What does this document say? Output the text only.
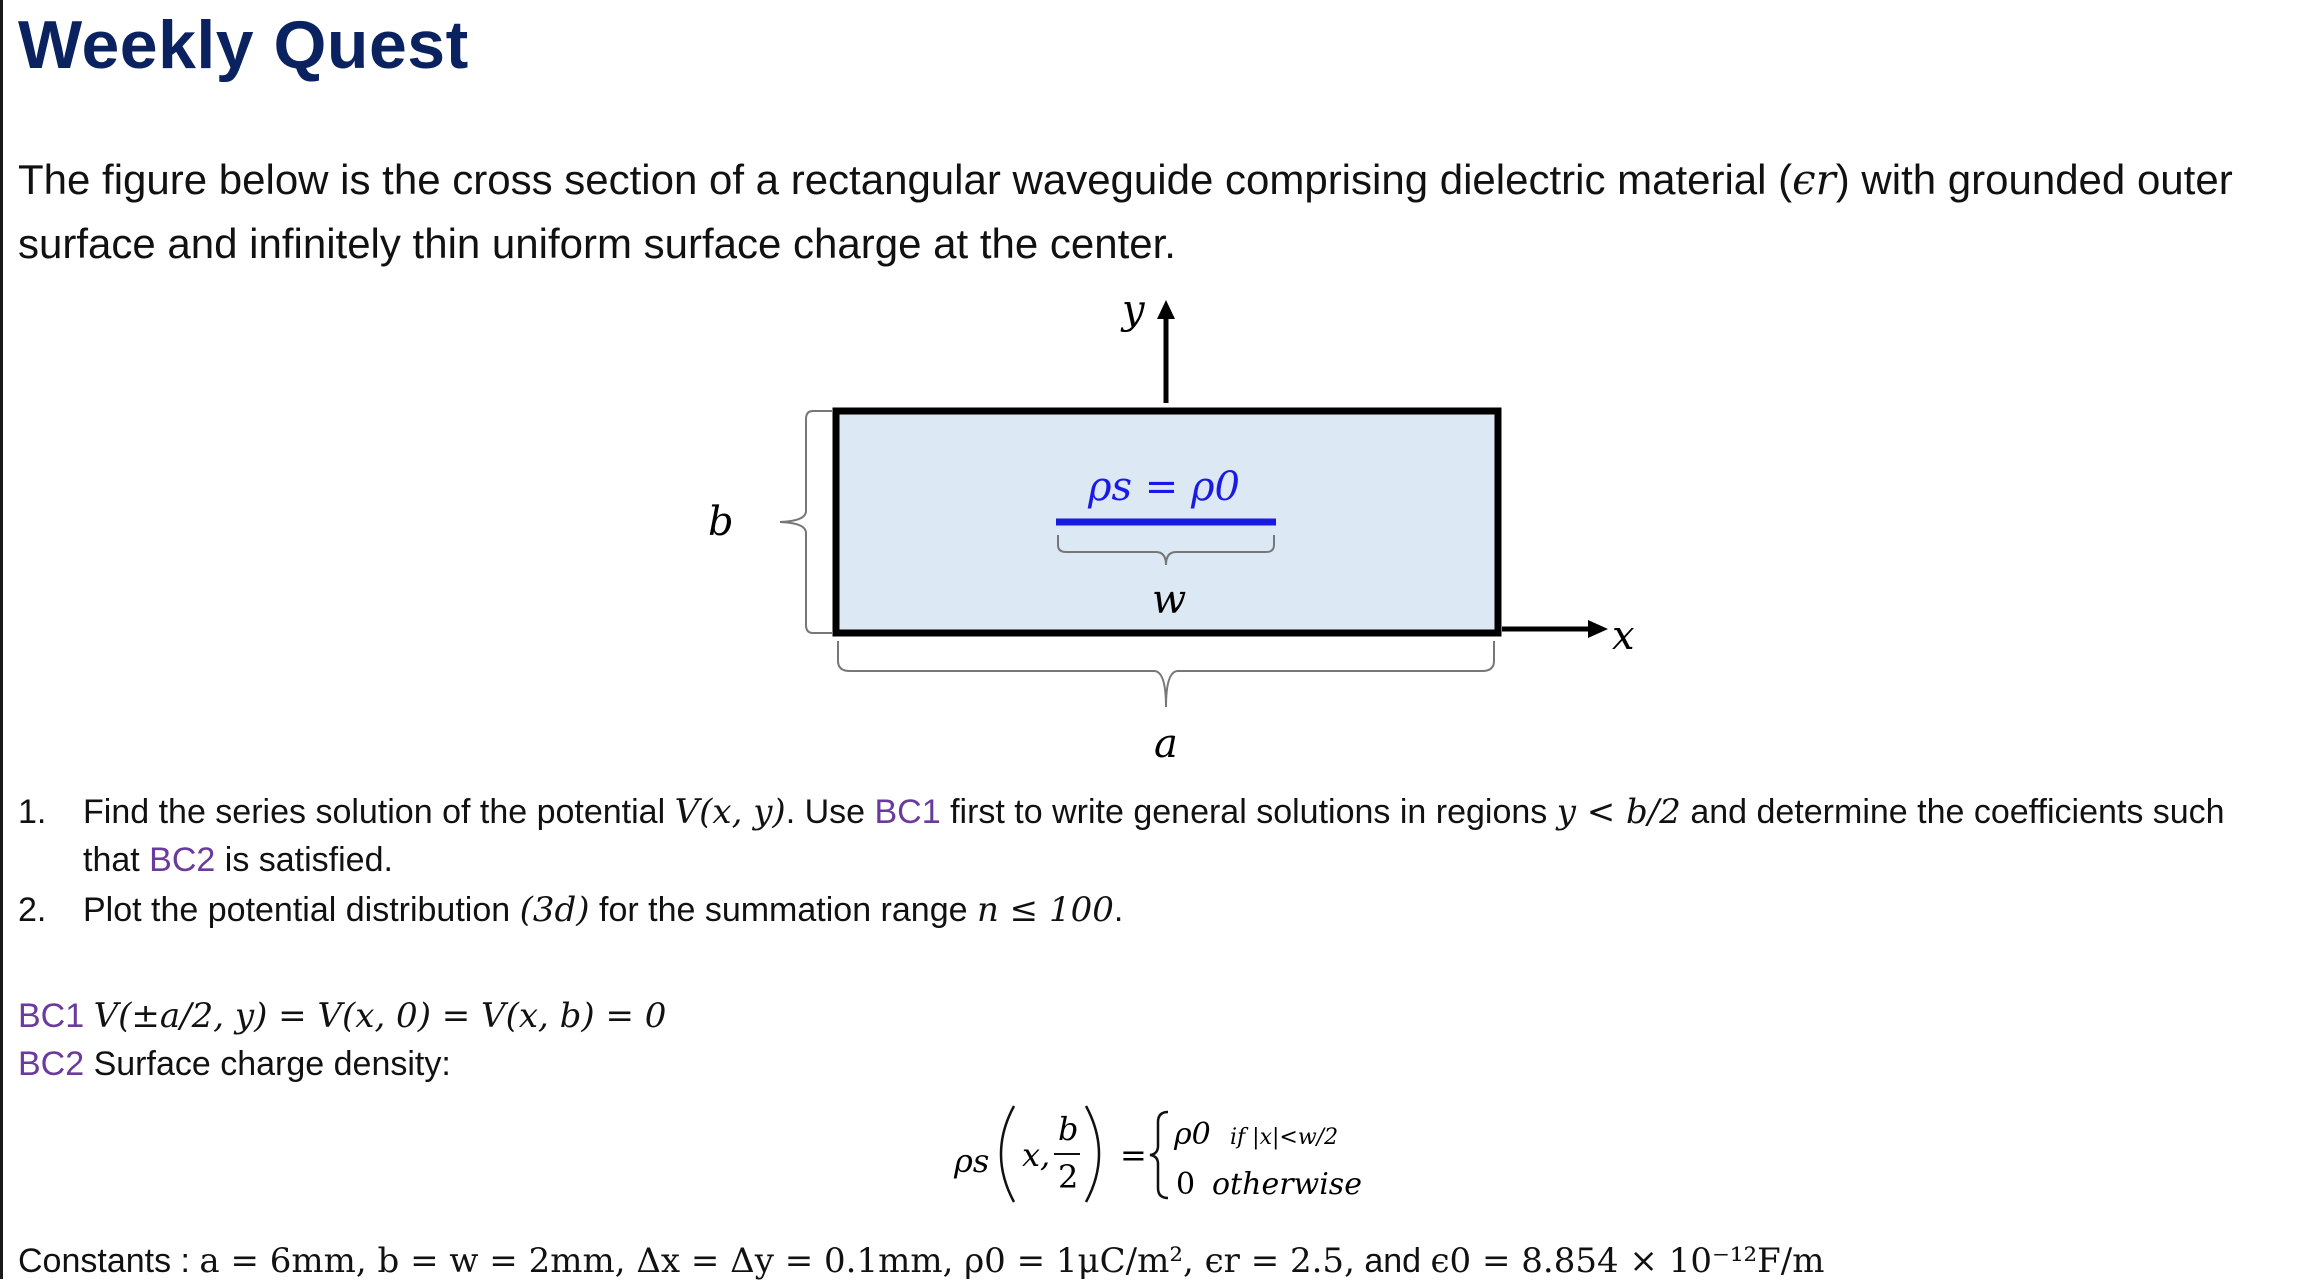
Weekly Quest
The figure below is the cross section of a rectangular waveguide comprising dielectric material (ϵr) with grounded outer surface and infinitely thin uniform surface charge at the center.
y
x
b
ρs = ρ0
w
a
1. Find the series solution of the potential V(x, y). Use BC1 first to write general solutions in regions y < b/2 and determine the coefficients such that BC2 is satisfied.
2. Plot the potential distribution (3d) for the summation range n ≤ 100.
BC1 V(±a/2, y) = V(x, 0) = V(x, b) = 0
BC2 Surface charge density:
ρs x,
b
2
=
ρ0 if |x|<w/2
0 otherwise
Constants : a = 6mm, b = w = 2mm, Δx = Δy = 0.1mm, ρ0 = 1μC/m², ϵr = 2.5, and ϵ0 = 8.854 × 10⁻¹²F/m
